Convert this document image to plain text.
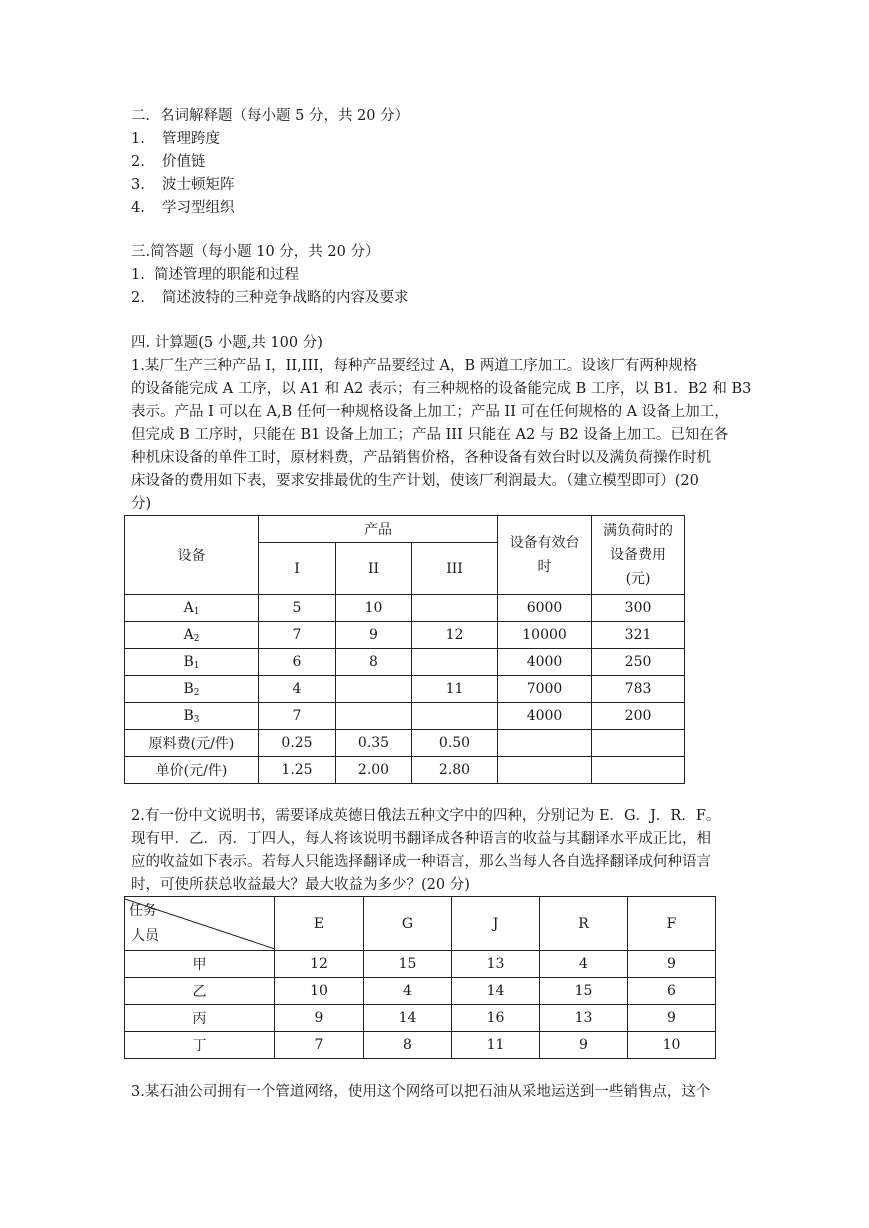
二．名词解释题（每小题 5 分，共 20 分）
1. 管理跨度
2. 价值链
3. 波士顿矩阵
4. 学习型组织
三.简答题（每小题 10 分，共 20 分）
1. 简述管理的职能和过程
2. 简述波特的三种竞争战略的内容及要求
四. 计算题(5 小题,共 100 分)
1.某厂生产三种产品 I，II,III，每种产品要经过 A，B 两道工序加工。设该厂有两种规格
的设备能完成 A 工序，以 A1 和 A2 表示；有三种规格的设备能完成 B 工序，以 B1．B2 和 B3
表示。产品 I 可以在 A,B 任何一种规格设备上加工；产品 II 可在任何规格的 A 设备上加工，
但完成 B 工序时，只能在 B1 设备上加工；产品 III 只能在 A2 与 B2 设备上加工。已知在各
种机床设备的单件工时，原材料费，产品销售价格，各种设备有效台时以及满负荷操作时机
床设备的费用如下表，要求安排最优的生产计划，使该厂利润最大。（建立模型即可）(20
分)
设备	产品			设备有效台时	满负荷时的设备费用(元)
	I	II	III		
$A_1$	5	10		6000	300
$A_2$	7	9	12	10000	321
$B_1$	6	8		4000	250
$B_2$	4		11	7000	783
$B_3$	7			4000	200
原料费(元/件)	0.25	0.35	0.50		
单价(元/件)	1.25	2.00	2.80		
2.有一份中文说明书，需要译成英德日俄法五种文字中的四种，分别记为 E．G．J．R．F。
现有甲．乙．丙．丁四人，每人将该说明书翻译成各种语言的收益与其翻译水平成正比，相
应的收益如下表示。若每人只能选择翻译成一种语言，那么当每人各自选择翻译成何种语言
时，可使所获总收益最大？最大收益为多少？(20 分)
任务
人员	E	G	J	R	F
甲	12	15	13	4	9
乙	10	4	14	15	6
丙	9	14	16	13	9
丁	7	8	11	9	10
3.某石油公司拥有一个管道网络，使用这个网络可以把石油从采地运送到一些销售点，这个
